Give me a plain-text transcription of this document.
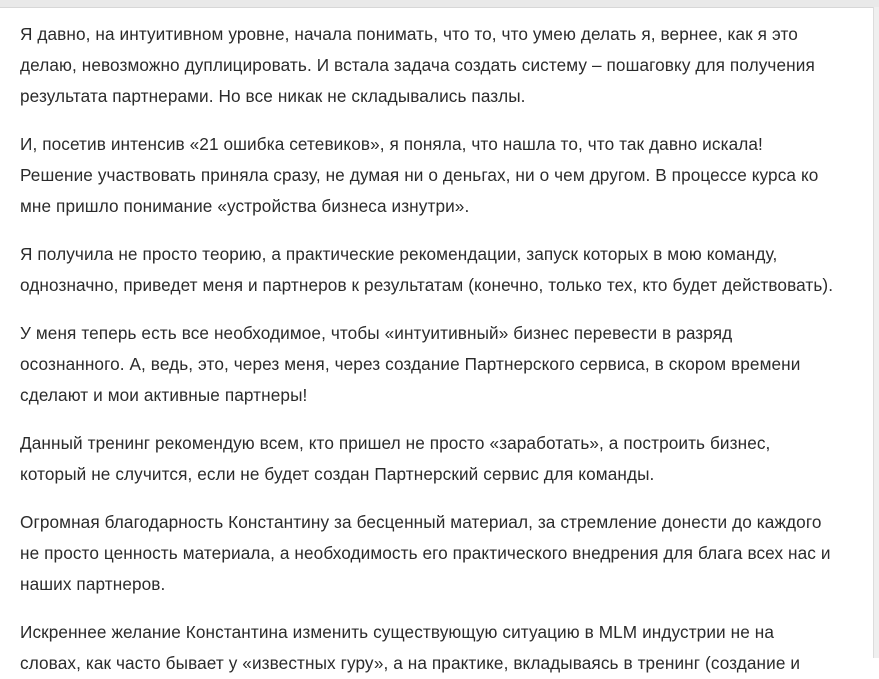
Я давно, на интуитивном уровне, начала понимать, что то, что умею делать я, вернее, как я это делаю, невозможно дуплицировать. И встала задача создать систему – пошаговку для получения результата партнерами. Но все никак не складывались пазлы.

И, посетив интенсив «21 ошибка сетевиков», я поняла, что нашла то, что так давно искала! Решение участвовать приняла сразу, не думая ни о деньгах, ни о чем другом. В процессе курса ко мне пришло понимание «устройства бизнеса изнутри».

Я получила не просто теорию, а практические рекомендации, запуск которых в мою команду, однозначно, приведет меня и партнеров к результатам (конечно, только тех, кто будет действовать).

У меня теперь есть все необходимое, чтобы «интуитивный» бизнес перевести в разряд осознанного. А, ведь, это, через меня, через создание Партнерского сервиса, в скором времени сделают и мои активные партнеры!

Данный тренинг рекомендую всем, кто пришел не просто «заработать», а построить бизнес, который не случится, если не будет создан Партнерский сервис для команды.

Огромная благодарность Константину за бесценный материал, за стремление донести до каждого не просто ценность материала, а необходимость его практического внедрения для блага всех нас и наших партнеров.

Искреннее желание Константина изменить существующую ситуацию в MLM индустрии не на словах, как часто бывает у «известных гуру», а на практике, вкладываясь в тренинг (создание и
